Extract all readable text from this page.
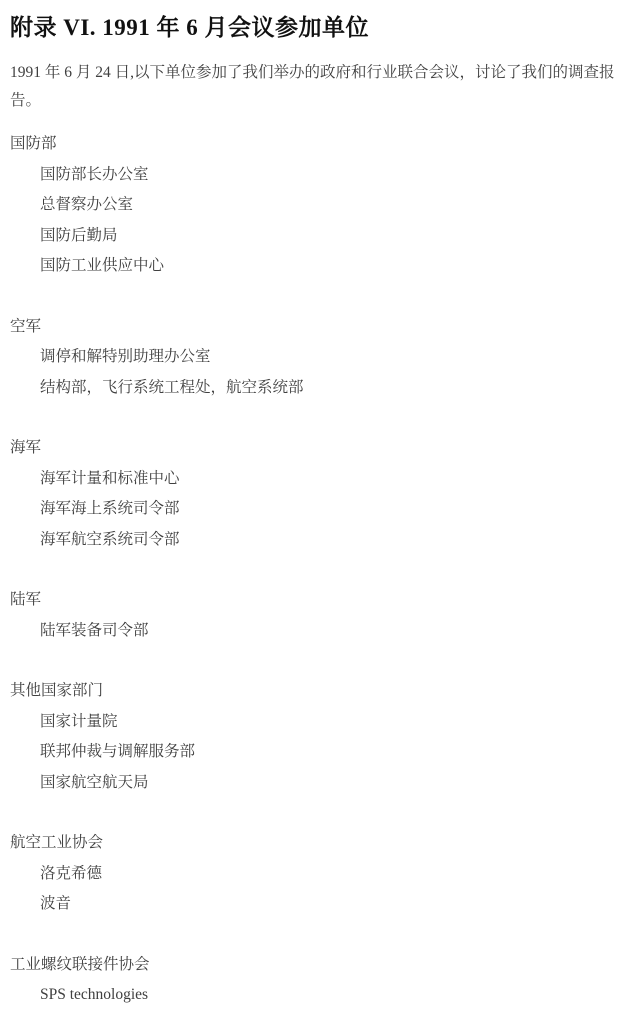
附录 VI. 1991 年 6 月会议参加单位

1991 年 6 月 24 日,以下单位参加了我们举办的政府和行业联合会议，讨论了我们的调查报告。

国防部
国防部长办公室
总督察办公室
国防后勤局
国防工业供应中心
空军
调停和解特别助理办公室
结构部，飞行系统工程处，航空系统部
海军
海军计量和标准中心
海军海上系统司令部
海军航空系统司令部
陆军
陆军装备司令部
其他国家部门
国家计量院
联邦仲裁与调解服务部
国家航空航天局
航空工业协会
洛克希德
波音
工业螺纹联接件协会
SPS technologies
